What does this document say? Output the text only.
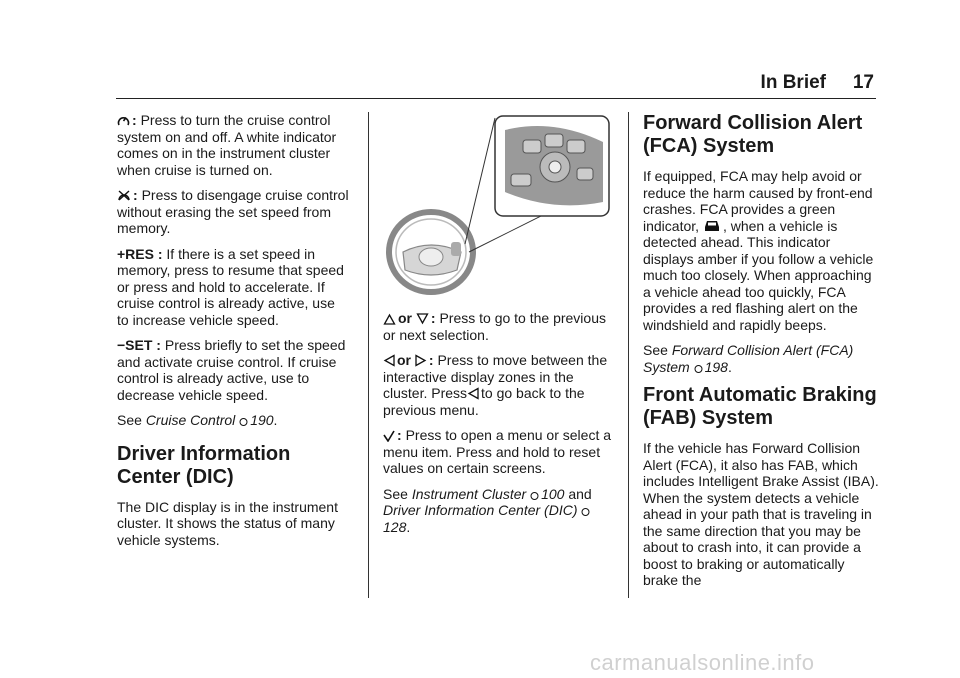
In Brief 17

: Press to turn the cruise control system on and off. A white indicator comes on in the instrument cluster when cruise is turned on.

: Press to disengage cruise control without erasing the set speed from memory.

+RES : If there is a set speed in memory, press to resume that speed or press and hold to accelerate. If cruise control is already active, use to increase vehicle speed.

−SET : Press briefly to set the speed and activate cruise control. If cruise control is already active, use to decrease vehicle speed.

See Cruise Control 190.

Driver Information Center (DIC)

The DIC display is in the instrument cluster. It shows the status of many vehicle systems.

or : Press to go to the previous or next selection.

or : Press to move between the interactive display zones in the cluster. Press to go back to the previous menu.

: Press to open a menu or select a menu item. Press and hold to reset values on certain screens.

See Instrument Cluster 100 and Driver Information Center (DIC)
128.

Forward Collision Alert (FCA) System

If equipped, FCA may help avoid or reduce the harm caused by front-end crashes. FCA provides a green indicator, , when a vehicle is detected ahead. This indicator displays amber if you follow a vehicle much too closely. When approaching a vehicle ahead too quickly, FCA provides a red flashing alert on the windshield and rapidly beeps.

See Forward Collision Alert (FCA) System 198.

Front Automatic Braking (FAB) System

If the vehicle has Forward Collision Alert (FCA), it also has FAB, which includes Intelligent Brake Assist (IBA). When the system detects a vehicle ahead in your path that is traveling in the same direction that you may be about to crash into, it can provide a boost to braking or automatically brake the

carmanualsonline.info
